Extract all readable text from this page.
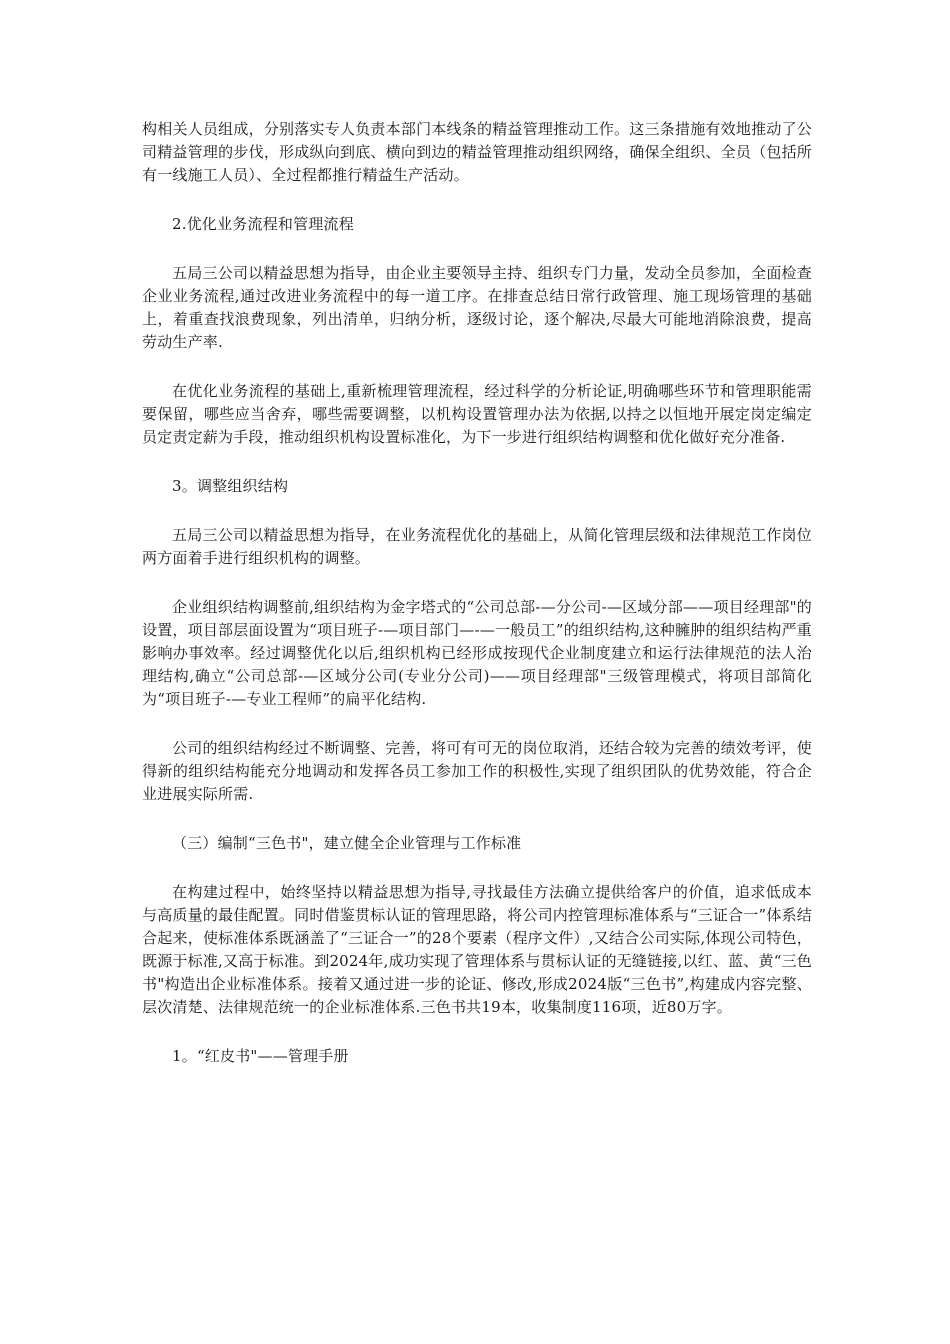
构相关人员组成，分别落实专人负责本部门本线条的精益管理推动工作。这三条措施有效地推动了公司精益管理的步伐，形成纵向到底、横向到边的精益管理推动组织网络，确保全组织、全员（包括所有一线施工人员）、全过程都推行精益生产活动。

2.优化业务流程和管理流程

五局三公司以精益思想为指导，由企业主要领导主持、组织专门力量，发动全员参加，全面检查企业业务流程,通过改进业务流程中的每一道工序。在排查总结日常行政管理、施工现场管理的基础上，着重查找浪费现象，列出清单，归纳分析，逐级讨论，逐个解决,尽最大可能地消除浪费，提高劳动生产率.

在优化业务流程的基础上,重新梳理管理流程，经过科学的分析论证,明确哪些环节和管理职能需要保留，哪些应当舍弃，哪些需要调整，以机构设置管理办法为依据,以持之以恒地开展定岗定编定员定责定薪为手段，推动组织机构设置标准化，为下一步进行组织结构调整和优化做好充分准备.

3。调整组织结构

五局三公司以精益思想为指导，在业务流程优化的基础上，从简化管理层级和法律规范工作岗位两方面着手进行组织机构的调整。

企业组织结构调整前,组织结构为金字塔式的“公司总部-—分公司-—区域分部——项目经理部"的设置，项目部层面设置为“项目班子-—项目部门—-—一般员工”的组织结构,这种臃肿的组织结构严重影响办事效率。经过调整优化以后,组织机构已经形成按现代企业制度建立和运行法律规范的法人治理结构,确立“公司总部-—区域分公司(专业分公司)——项目经理部"三级管理模式，将项目部简化为“项目班子-—专业工程师”的扁平化结构.

公司的组织结构经过不断调整、完善，将可有可无的岗位取消，还结合较为完善的绩效考评，使得新的组织结构能充分地调动和发挥各员工参加工作的积极性,实现了组织团队的优势效能，符合企业进展实际所需.

（三）编制“三色书"，建立健全企业管理与工作标准

在构建过程中，始终坚持以精益思想为指导,寻找最佳方法确立提供给客户的价值，追求低成本与高质量的最佳配置。同时借鉴贯标认证的管理思路，将公司内控管理标准体系与“三证合一”体系结合起来，使标准体系既涵盖了“三证合一”的28个要素（程序文件）,又结合公司实际,体现公司特色，既源于标准,又高于标准。到2024年,成功实现了管理体系与贯标认证的无缝链接,以红、蓝、黄“三色书"构造出企业标准体系。接着又通过进一步的论证、修改,形成2024版“三色书”,构建成内容完整、层次清楚、法律规范统一的企业标准体系.三色书共19本，收集制度116项，近80万字。

1。“红皮书"——管理手册
